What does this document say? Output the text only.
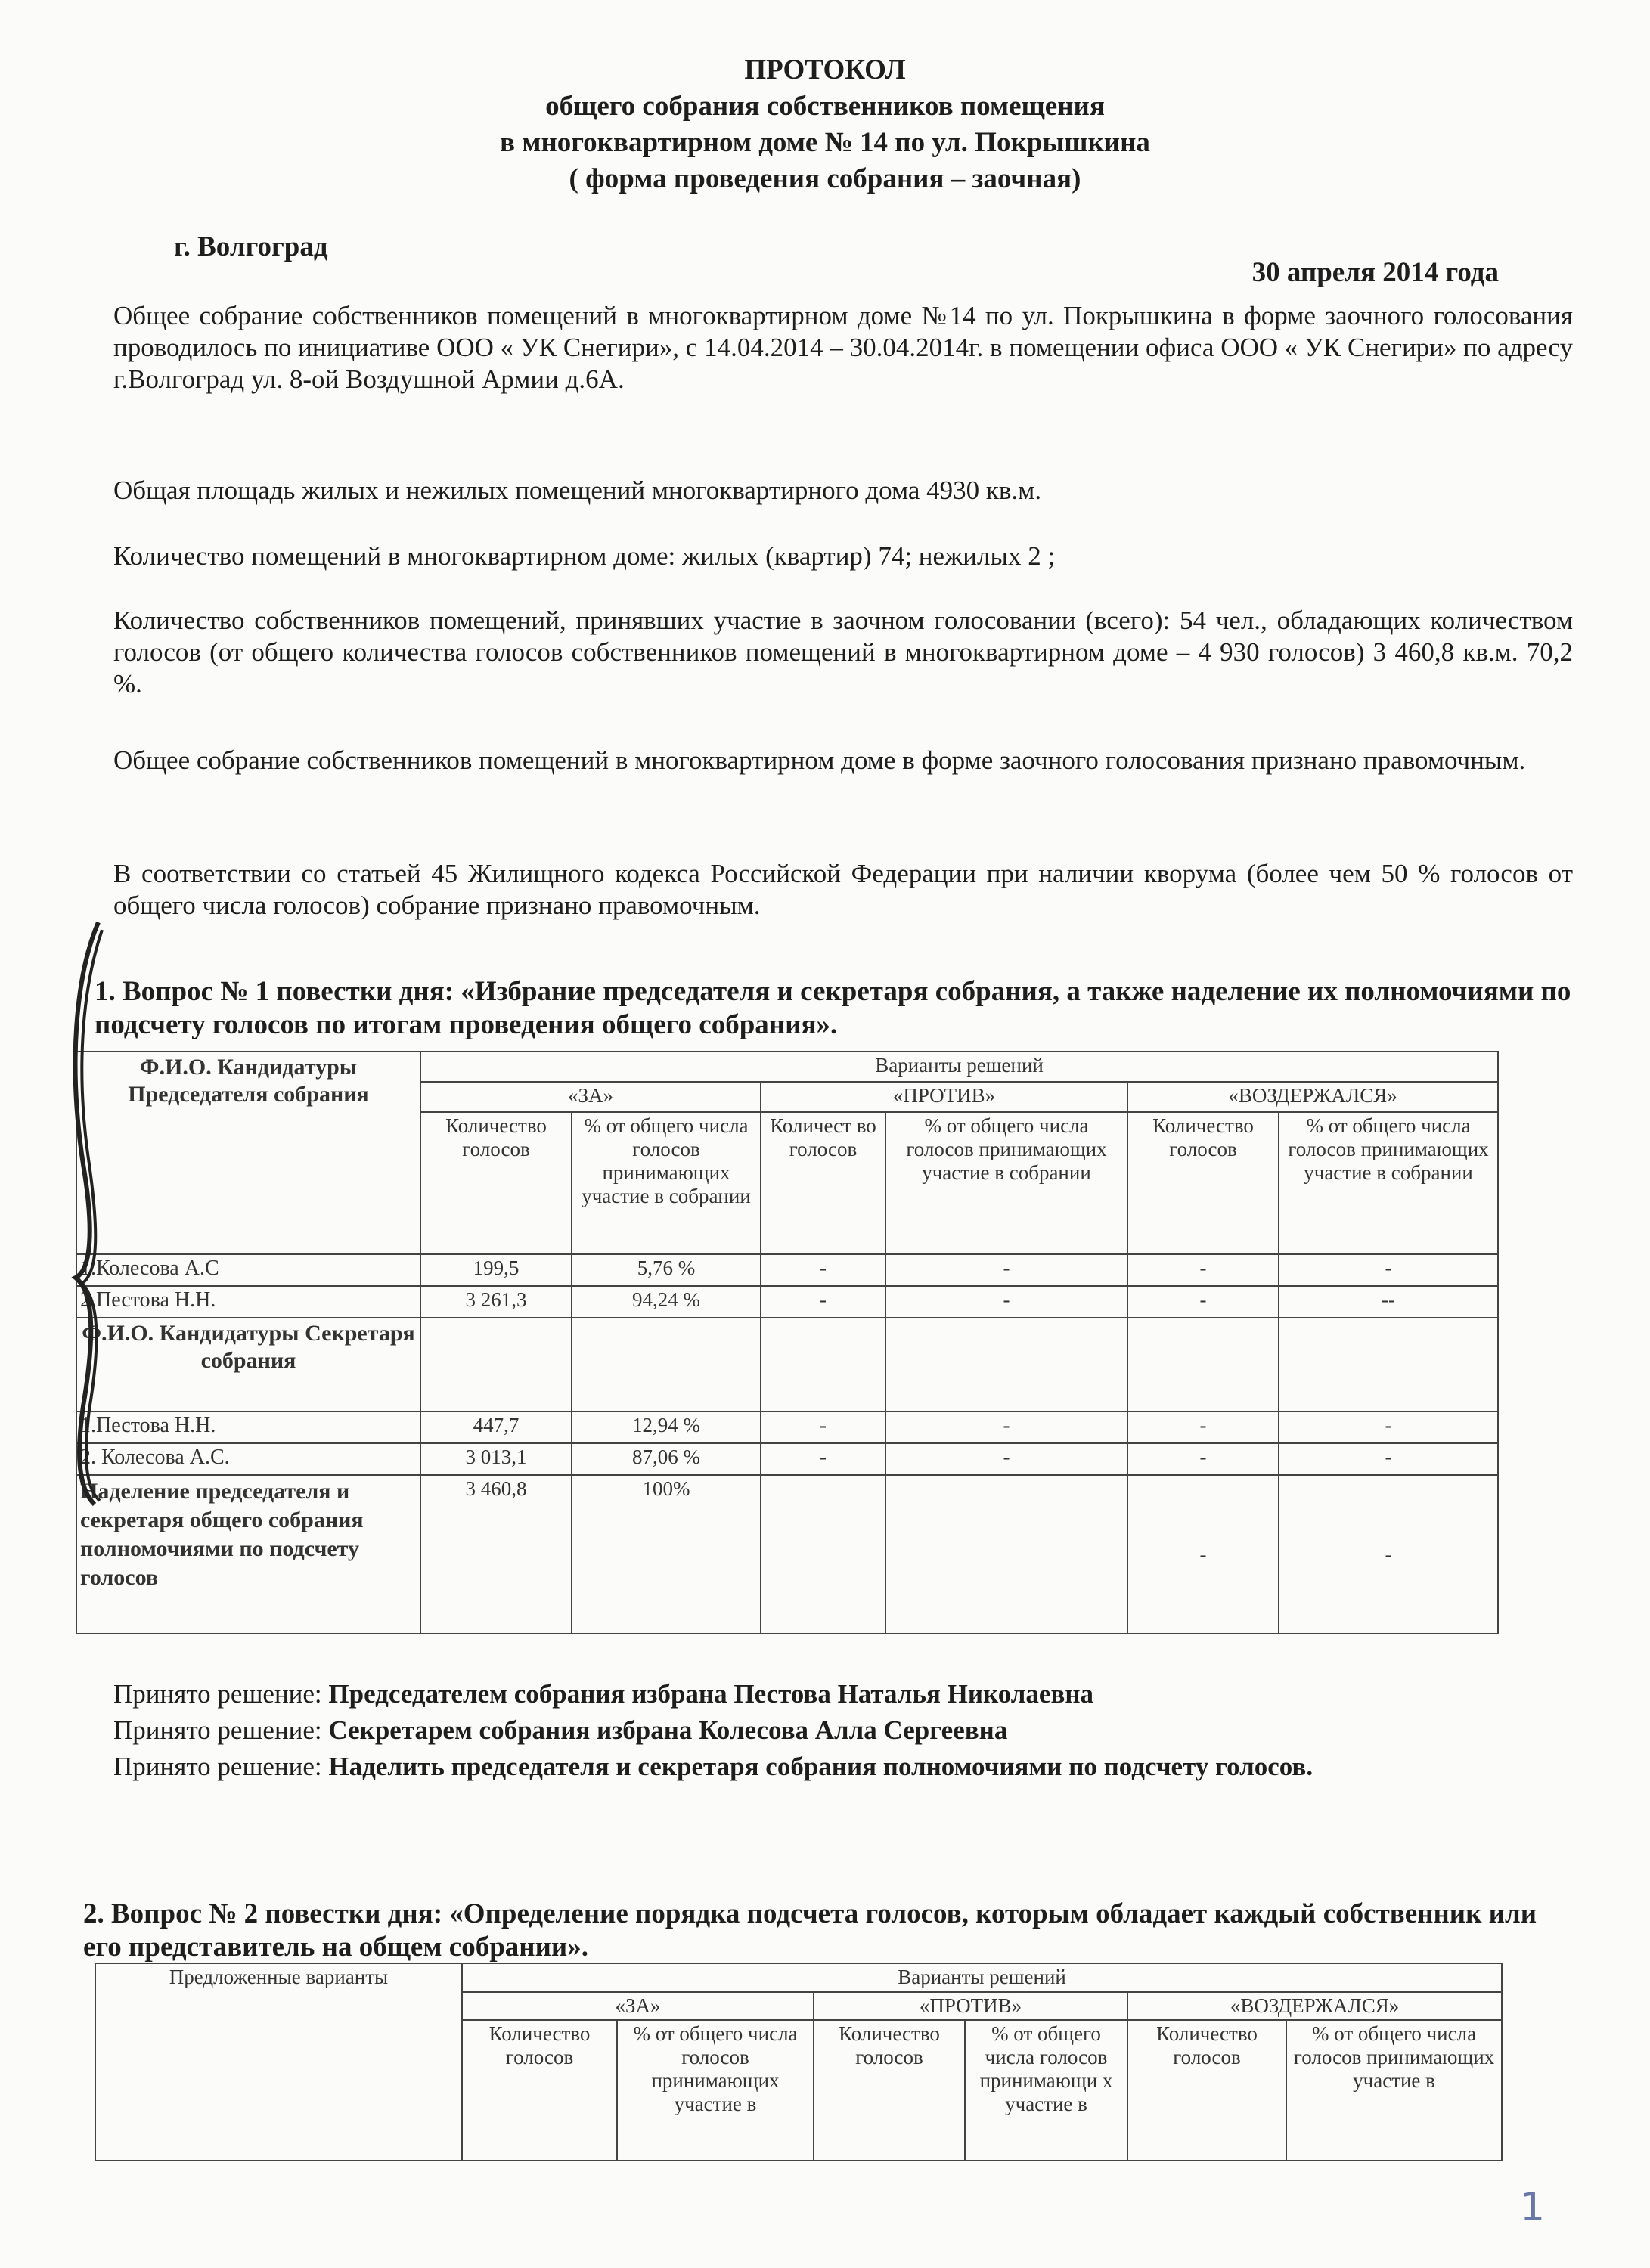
ПРОТОКОЛ
общего собрания собственников помещения
в многоквартирном доме № 14 по ул. Покрышкина
( форма проведения собрания – заочная)
г. Волгоград
30 апреля 2014 года
Общее собрание собственников помещений в многоквартирном доме №14 по ул. Покрышкина в форме заочного голосования проводилось по инициативе ООО « УК Снегири», с 14.04.2014 – 30.04.2014г. в помещении офиса ООО « УК Снегири» по адресу г.Волгоград ул. 8-ой Воздушной Армии д.6А.
Общая площадь жилых и нежилых помещений многоквартирного дома 4930 кв.м.
Количество помещений в многоквартирном доме: жилых (квартир) 74; нежилых 2 ;
Количество собственников помещений, принявших участие в заочном голосовании (всего): 54 чел., обладающих количеством голосов (от общего количества голосов собственников помещений в многоквартирном доме – 4 930 голосов) 3 460,8 кв.м. 70,2 %.
Общее собрание собственников помещений в многоквартирном доме в форме заочного голосования признано правомочным.
В соответствии со статьей 45 Жилищного кодекса Российской Федерации при наличии кворума (более чем 50 % голосов от общего числа голосов) собрание признано правомочным.
1. Вопрос № 1 повестки дня: «Избрание председателя и секретаря собрания, а также наделение их полномочиями по подсчету голосов по итогам проведения общего собрания».
Ф.И.О. Кандидатуры Председателя собрания	Варианты решений					
	«ЗА»		«ПРОТИВ»		«ВОЗДЕРЖАЛСЯ»	
	Количество голосов	% от общего числа голосов принимающих участие в собрании	Количест во голосов	% от общего числа голосов принимающих участие в собрании	Количество голосов	% от общего числа голосов принимающих участие в собрании
1.Колесова А.С	199,5	5,76 %	-	-	-	-
2.Пестова Н.Н.	3 261,3	94,24 %	-	-	-	--
Ф.И.О. Кандидатуры Секретаря собрания						
1.Пестова Н.Н.	447,7	12,94 %	-	-	-	-
2. Колесова А.С.	3 013,1	87,06 %	-	-	-	-
Наделение председателя и секретаря общего собрания полномочиями по подсчету голосов	3 460,8	100%			-	-
Принято решение: Председателем собрания избрана Пестова Наталья Николаевна
Принято решение: Секретарем собрания избрана Колесова Алла Сергеевна
Принято решение: Наделить председателя и секретаря собрания полномочиями по подсчету голосов.
2. Вопрос № 2 повестки дня: «Определение порядка подсчета голосов, которым обладает каждый собственник или его представитель на общем собрании».
Предложенные варианты	Варианты решений					
	«ЗА»		«ПРОТИВ»		«ВОЗДЕРЖАЛСЯ»	
	Количество голосов	% от общего числа голосов принимающих участие в	Количество голосов	% от общего числа голосов принимающи х участие в	Количество голосов	% от общего числа голосов принимающих участие в
1
